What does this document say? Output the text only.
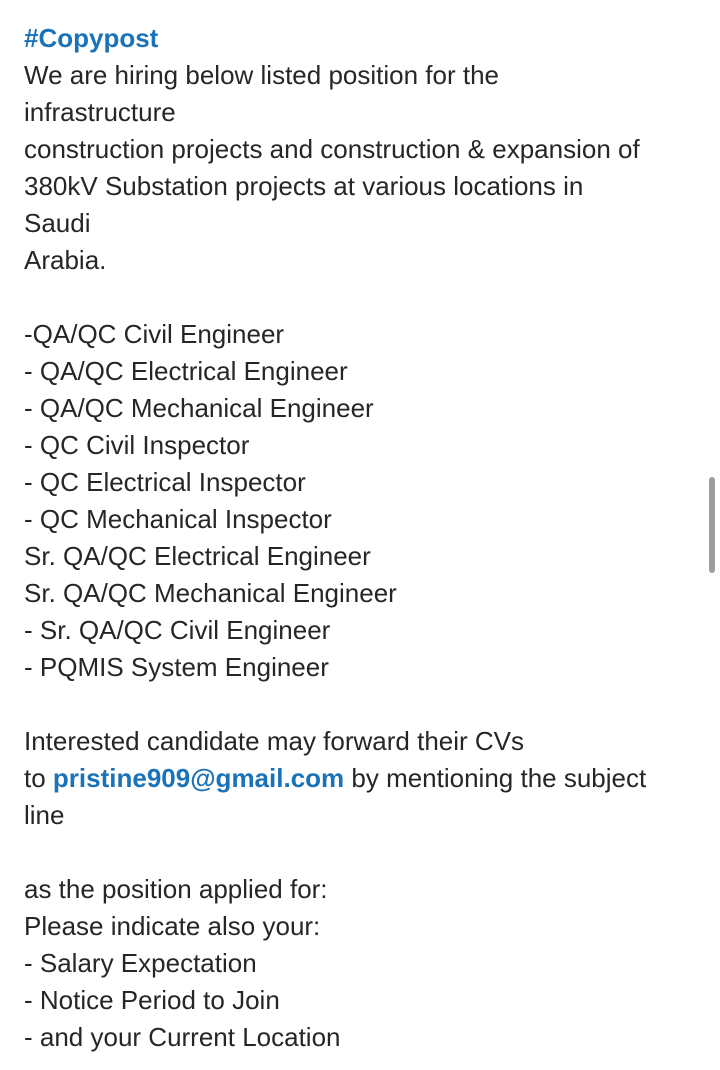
#Copypost
We are hiring below listed position for the
infrastructure
construction projects and construction & expansion of
380kV Substation projects at various locations in
Saudi
Arabia.
-QA/QC Civil Engineer
- QA/QC Electrical Engineer
- QA/QC Mechanical Engineer
- QC Civil Inspector
- QC Electrical Inspector
- QC Mechanical Inspector
Sr. QA/QC Electrical Engineer
Sr. QA/QC Mechanical Engineer
- Sr. QA/QC Civil Engineer
- PQMIS System Engineer
Interested candidate may forward their CVs
to pristine909@gmail.com by mentioning the subject
line
as the position applied for:
Please indicate also your:
- Salary Expectation
- Notice Period to Join
- and your Current Location
